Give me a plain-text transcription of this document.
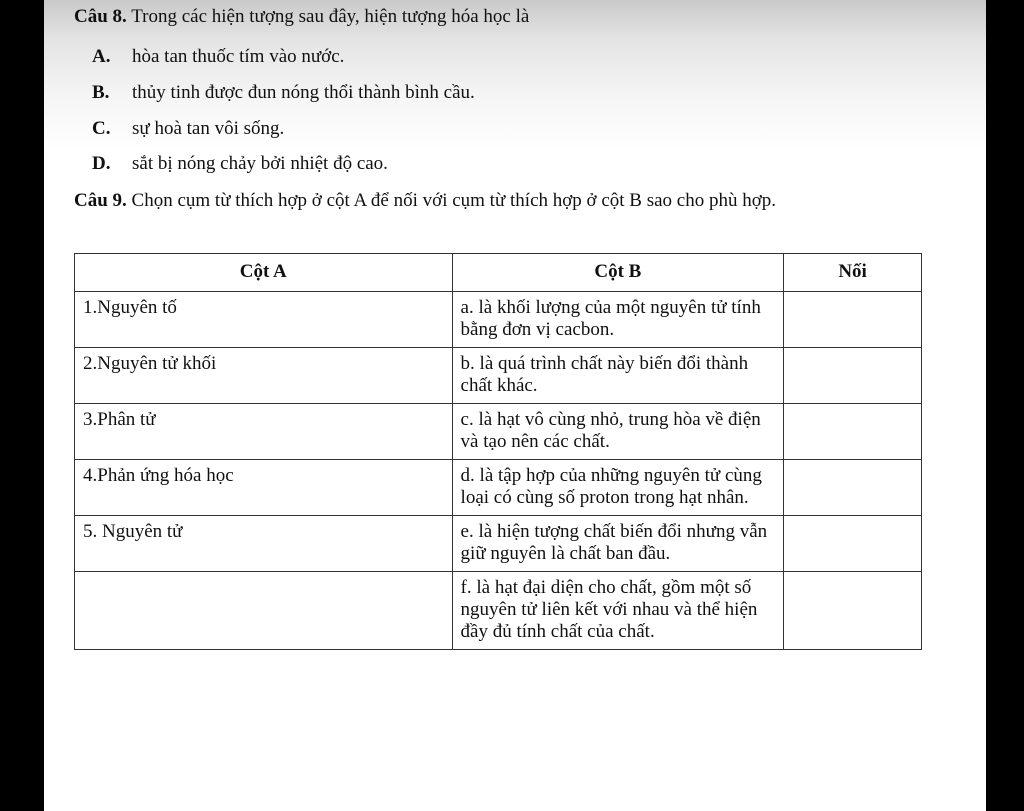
Câu 8. Trong các hiện tượng sau đây, hiện tượng hóa học là
A. hòa tan thuốc tím vào nước.
B. thủy tinh được đun nóng thổi thành bình cầu.
C. sự hoà tan vôi sống.
D. sắt bị nóng chảy bởi nhiệt độ cao.
Câu 9. Chọn cụm từ thích hợp ở cột A để nối với cụm từ thích hợp ở cột B sao cho phù hợp.
Cột A	Cột B	Nối
1.Nguyên tố	a. là khối lượng của một nguyên tử tính bằng đơn vị cacbon.	
2.Nguyên tử khối	b. là quá trình chất này biến đổi thành chất khác.	
3.Phân tử	c. là hạt vô cùng nhỏ, trung hòa về điện và tạo nên các chất.	
4.Phản ứng hóa học	d. là tập hợp của những nguyên tử cùng loại có cùng số proton trong hạt nhân.	
5. Nguyên tử	e. là hiện tượng chất biến đổi nhưng vẫn giữ nguyên là chất ban đầu.	
	f. là hạt đại diện cho chất, gồm một số nguyên tử liên kết với nhau và thể hiện đầy đủ tính chất của chất.	
